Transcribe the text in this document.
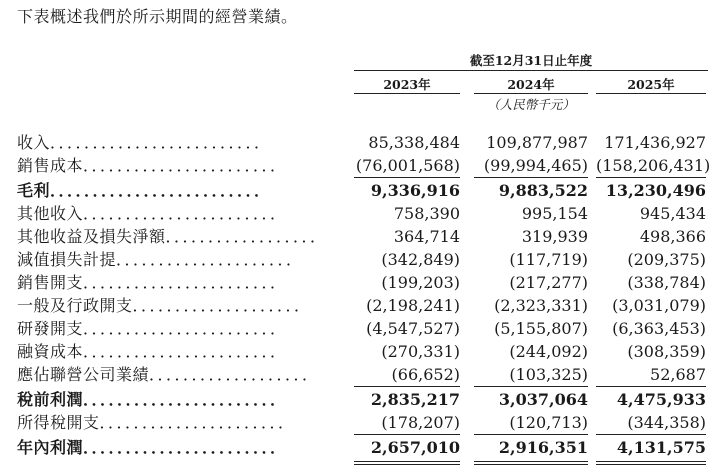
下表概述我們於所示期間的經營業績。
截至12月31日止年度
2023年	2024年	2025年
（人民幣千元）
收入．．．．．．．．．．．．．．．．．．．．．．．．．	85,338,484	109,877,987	171,436,927
銷售成本．．．．．．．．．．．．．．．．．．．．．．．	(76,001,568)	(99,994,465) (158,206,431)
毛利．．．．．．．．．．．．．．．．．．．．．．．．．	9,336,916	9,883,522	13,230,496
其他收入．．．．．．．．．．．．．．．．．．．．．．．	758,390	995,154	945,434
其他收益及損失淨額．．．．．．．．．．．．．．．．．．	364,714	319,939	498,366
減值損失計提．．．．．．．．．．．．．．．．．．．．．	(342,849)	(117,719)	(209,375)
銷售開支．．．．．．．．．．．．．．．．．．．．．．．	(199,203)	(217,277)	(338,784)
一般及行政開支．．．．．．．．．．．．．．．．．．．．	(2,198,241)	(2,323,331)	(3,031,079)
研發開支．．．．．．．．．．．．．．．．．．．．．．．	(4,547,527)	(5,155,807)	(6,363,453)
融資成本．．．．．．．．．．．．．．．．．．．．．．．	(270,331)	(244,092)	(308,359)
應佔聯營公司業績．．．．．．．．．．．．．．．．．．．	(66,652)	(103,325)	52,687
稅前利潤．．．．．．．．．．．．．．．．．．．．．．．	2,835,217	3,037,064	4,475,933
所得稅開支．．．．．．．．．．．．．．．．．．．．．．	(178,207)	(120,713)	(344,358)
年內利潤．．．．．．．．．．．．．．．．．．．．．．．	2,657,010	2,916,351	4,131,575
